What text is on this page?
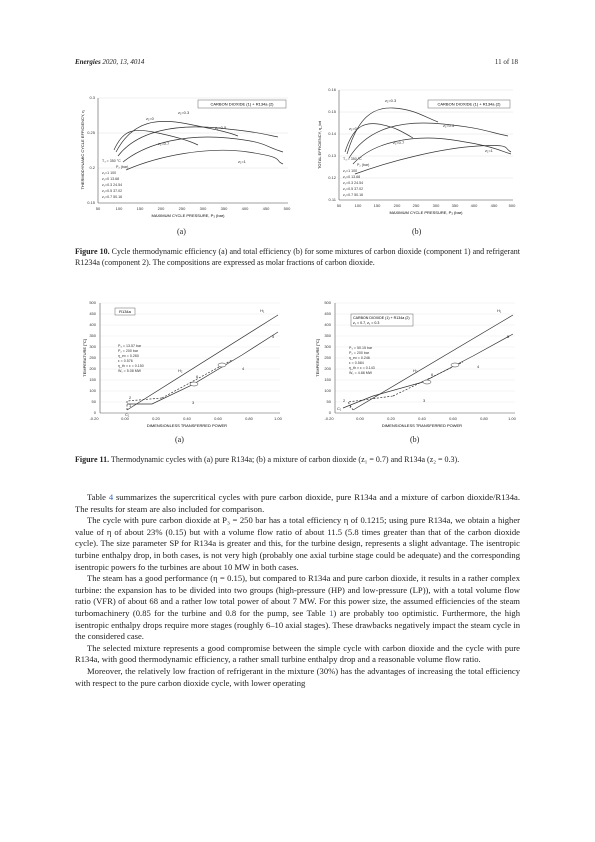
Energies 2020, 13, 4014	11 of 18
0.3
0.25
0.2
0.15
50	100	150	200	250	300	350	400	450	500
MAXIMUM CYCLE PRESSURE, P₃ (bar)
THERMODYNAMIC CYCLE EFFICIENCY, η
CARBON DIOXIDE (1) + R134a (2)
z₁=0
z₁=0.3
z₁=0.5
z₁=0.7
z₁=1
T₃ = 350 °C
P₂ (bar)
z₁=1 100
z₁=0 13.68
z₁=0.3 24.54
z₁=0.5 37.02
z₁=0.7 50.16
(a)
0.16
0.15
0.14
0.13
0.12
0.11
50	100	150	200	250	300	350	400	450	500
MAXIMUM CYCLE PRESSURE, P₃ (bar)
TOTAL EFFICIENCY, η_tot
CARBON DIOXIDE (1) + R134a (2)
z₁=0
z₁=0.3
z₁=0.5
z₁=0.7
z₁=1
T₃ = 350 °C
P₂ (bar)
z₁=1 100
z₁=0 13.68
z₁=0.3 24.54
z₁=0.5 37.02
z₁=0.7 50.16
(b)
Figure 10. Cycle thermodynamic efficiency (a) and total efficiency (b) for some mixtures of carbon dioxide (component 1) and refrigerant R1234a (component 2). The compositions are expressed as molar fractions of carbon dioxide.
500
450
400
350
300
250
200
150
100
50
0
-0.20	0.00	0.20	0.40	0.60	0.80	1.00
DIMENSIONLESS TRANSFERRED POWER
TEMPERATURE [°C]
R134a
1
2
3
4
5
6
H₁
H₂
C₁
P₃ = 13.57 bar
P₂ = 200 bar
η_ex = 0.260
ε = 0.576
η_th × ε = 0.150
Ẇ₁ = 5.08 MW
(a)
500
450
400
350
300
250
200
150
100
50
0
-0.20	0.00	0.20	0.40	0.60	0.80	1.00
DIMENSIONLESS TRANSFERRED POWER
TEMPERATURE [°C]
CARBON DIOXIDE (1) + R134a (2)
z₁ = 0.7, z₂ = 0.3
1
2	3
4
5
6
H₁
H₂
C₁
P₃ = 50.15 bar
P₂ = 200 bar
η_ex = 0.246
ε = 0.584
η_th × ε = 0.143
Ẇ₁ = 4.88 MW
(b)
Figure 11. Thermodynamic cycles with (a) pure R134a; (b) a mixture of carbon dioxide (z₁ = 0.7) and R134a (z₂ = 0.3).

Table 4 summarizes the supercritical cycles with pure carbon dioxide, pure R134a and a mixture of carbon dioxide/R134a. The results for steam are also included for comparison.

The cycle with pure carbon dioxide at P₃ = 250 bar has a total efficiency η of 0.1215; using pure R134a, we obtain a higher value of η of about 23% (0.15) but with a volume flow ratio of about 11.5 (5.8 times greater than that of the carbon dioxide cycle). The size parameter SP for R134a is greater and this, for the turbine design, represents a slight advantage. The isentropic turbine enthalpy drop, in both cases, is not very high (probably one axial turbine stage could be adequate) and the corresponding isentropic powers fo the turbines are about 10 MW in both cases.

The steam has a good performance (η = 0.15), but compared to R134a and pure carbon dioxide, it results in a rather complex turbine: the expansion has to be divided into two groups (high-pressure (HP) and low-pressure (LP)), with a total volume flow ratio (VFR) of about 68 and a rather low total power of about 7 MW. For this power size, the assumed efficiencies of the steam turbomachinery (0.85 for the turbine and 0.8 for the pump, see Table 1) are probably too optimistic. Furthermore, the high isentropic enthalpy drops require more stages (roughly 6–10 axial stages). These drawbacks negatively impact the steam cycle in the considered case.

The selected mixture represents a good compromise between the simple cycle with carbon dioxide and the cycle with pure R134a, with good thermodynamic efficiency, a rather small turbine enthalpy drop and a reasonable volume flow ratio.

Moreover, the relatively low fraction of refrigerant in the mixture (30%) has the advantages of increasing the total efficiency with respect to the pure carbon dioxide cycle, with lower operating
